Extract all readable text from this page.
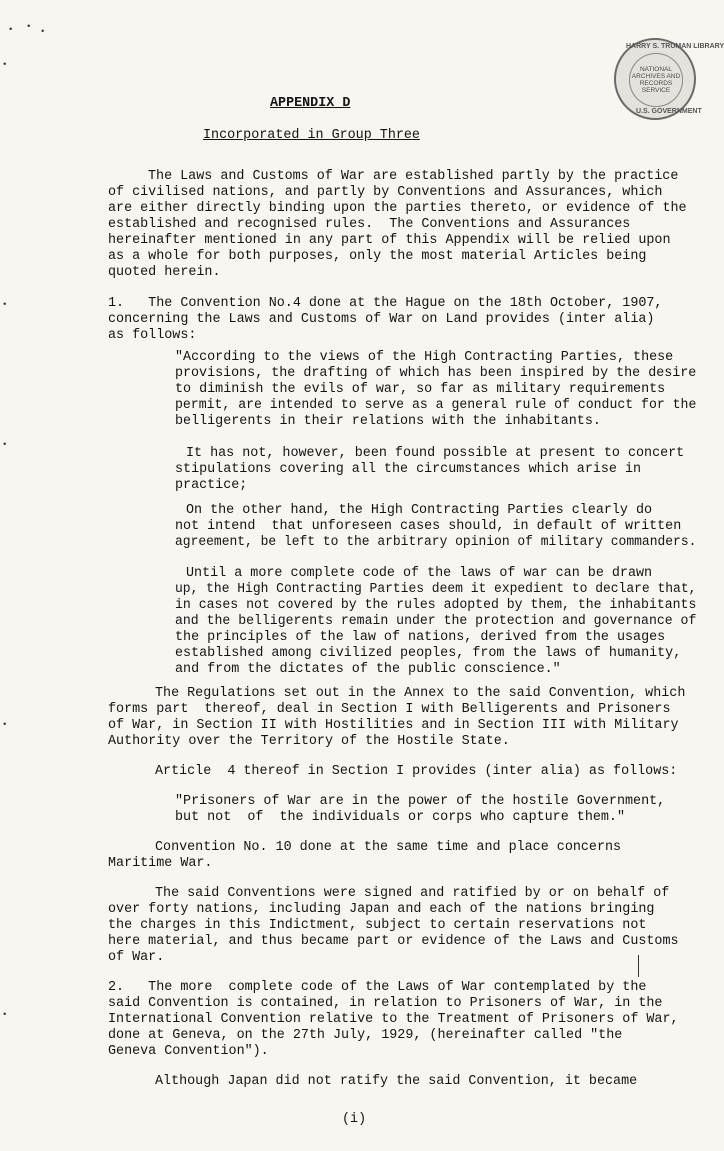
HARRY S. TRUMAN LIBRARY
NATIONAL
ARCHIVES AND
RECORDS
SERVICE
U.S. GOVERNMENT
• • •
•
•
•
•
•
APPENDIX D
Incorporated in Group Three
The Laws and Customs of War are established partly by the practice
of civilised nations, and partly by Conventions and Assurances, which
are either directly binding upon the parties thereto, or evidence of the
established and recognised rules.  The Conventions and Assurances
hereinafter mentioned in any part of this Appendix will be relied upon
as a whole for both purposes, only the most material Articles being
quoted herein.
1.   The Convention No.4 done at the Hague on the 18th October, 1907,
concerning the Laws and Customs of War on Land provides (inter alia)
as follows:
"According to the views of the High Contracting Parties, these
provisions, the drafting of which has been inspired by the desire
to diminish the evils of war, so far as military requirements
permit, are intended to serve as a general rule of conduct for the
belligerents in their relations with the inhabitants.
It has not, however, been found possible at present to concert
stipulations covering all the circumstances which arise in
practice;
On the other hand, the High Contracting Parties clearly do
not intend  that unforeseen cases should, in default of written
agreement, be left to the arbitrary opinion of military commanders.
Until a more complete code of the laws of war can be drawn
up, the High Contracting Parties deem it expedient to declare that,
in cases not covered by the rules adopted by them, the inhabitants
and the belligerents remain under the protection and governance of
the principles of the law of nations, derived from the usages
established among civilized peoples, from the laws of humanity,
and from the dictates of the public conscience."
The Regulations set out in the Annex to the said Convention, which
forms part  thereof, deal in Section I with Belligerents and Prisoners
of War, in Section II with Hostilities and in Section III with Military
Authority over the Territory of the Hostile State.
Article  4 thereof in Section I provides (inter alia) as follows:
"Prisoners of War are in the power of the hostile Government,
but not  of  the individuals or corps who capture them."
Convention No. 10 done at the same time and place concerns
Maritime War.
The said Conventions were signed and ratified by or on behalf of
over forty nations, including Japan and each of the nations bringing
the charges in this Indictment, subject to certain reservations not
here material, and thus became part or evidence of the Laws and Customs
of War.
2.   The more  complete code of the Laws of War contemplated by the
said Convention is contained, in relation to Prisoners of War, in the
International Convention relative to the Treatment of Prisoners of War,
done at Geneva, on the 27th July, 1929, (hereinafter called "the
Geneva Convention").
Although Japan did not ratify the said Convention, it became
(i)
